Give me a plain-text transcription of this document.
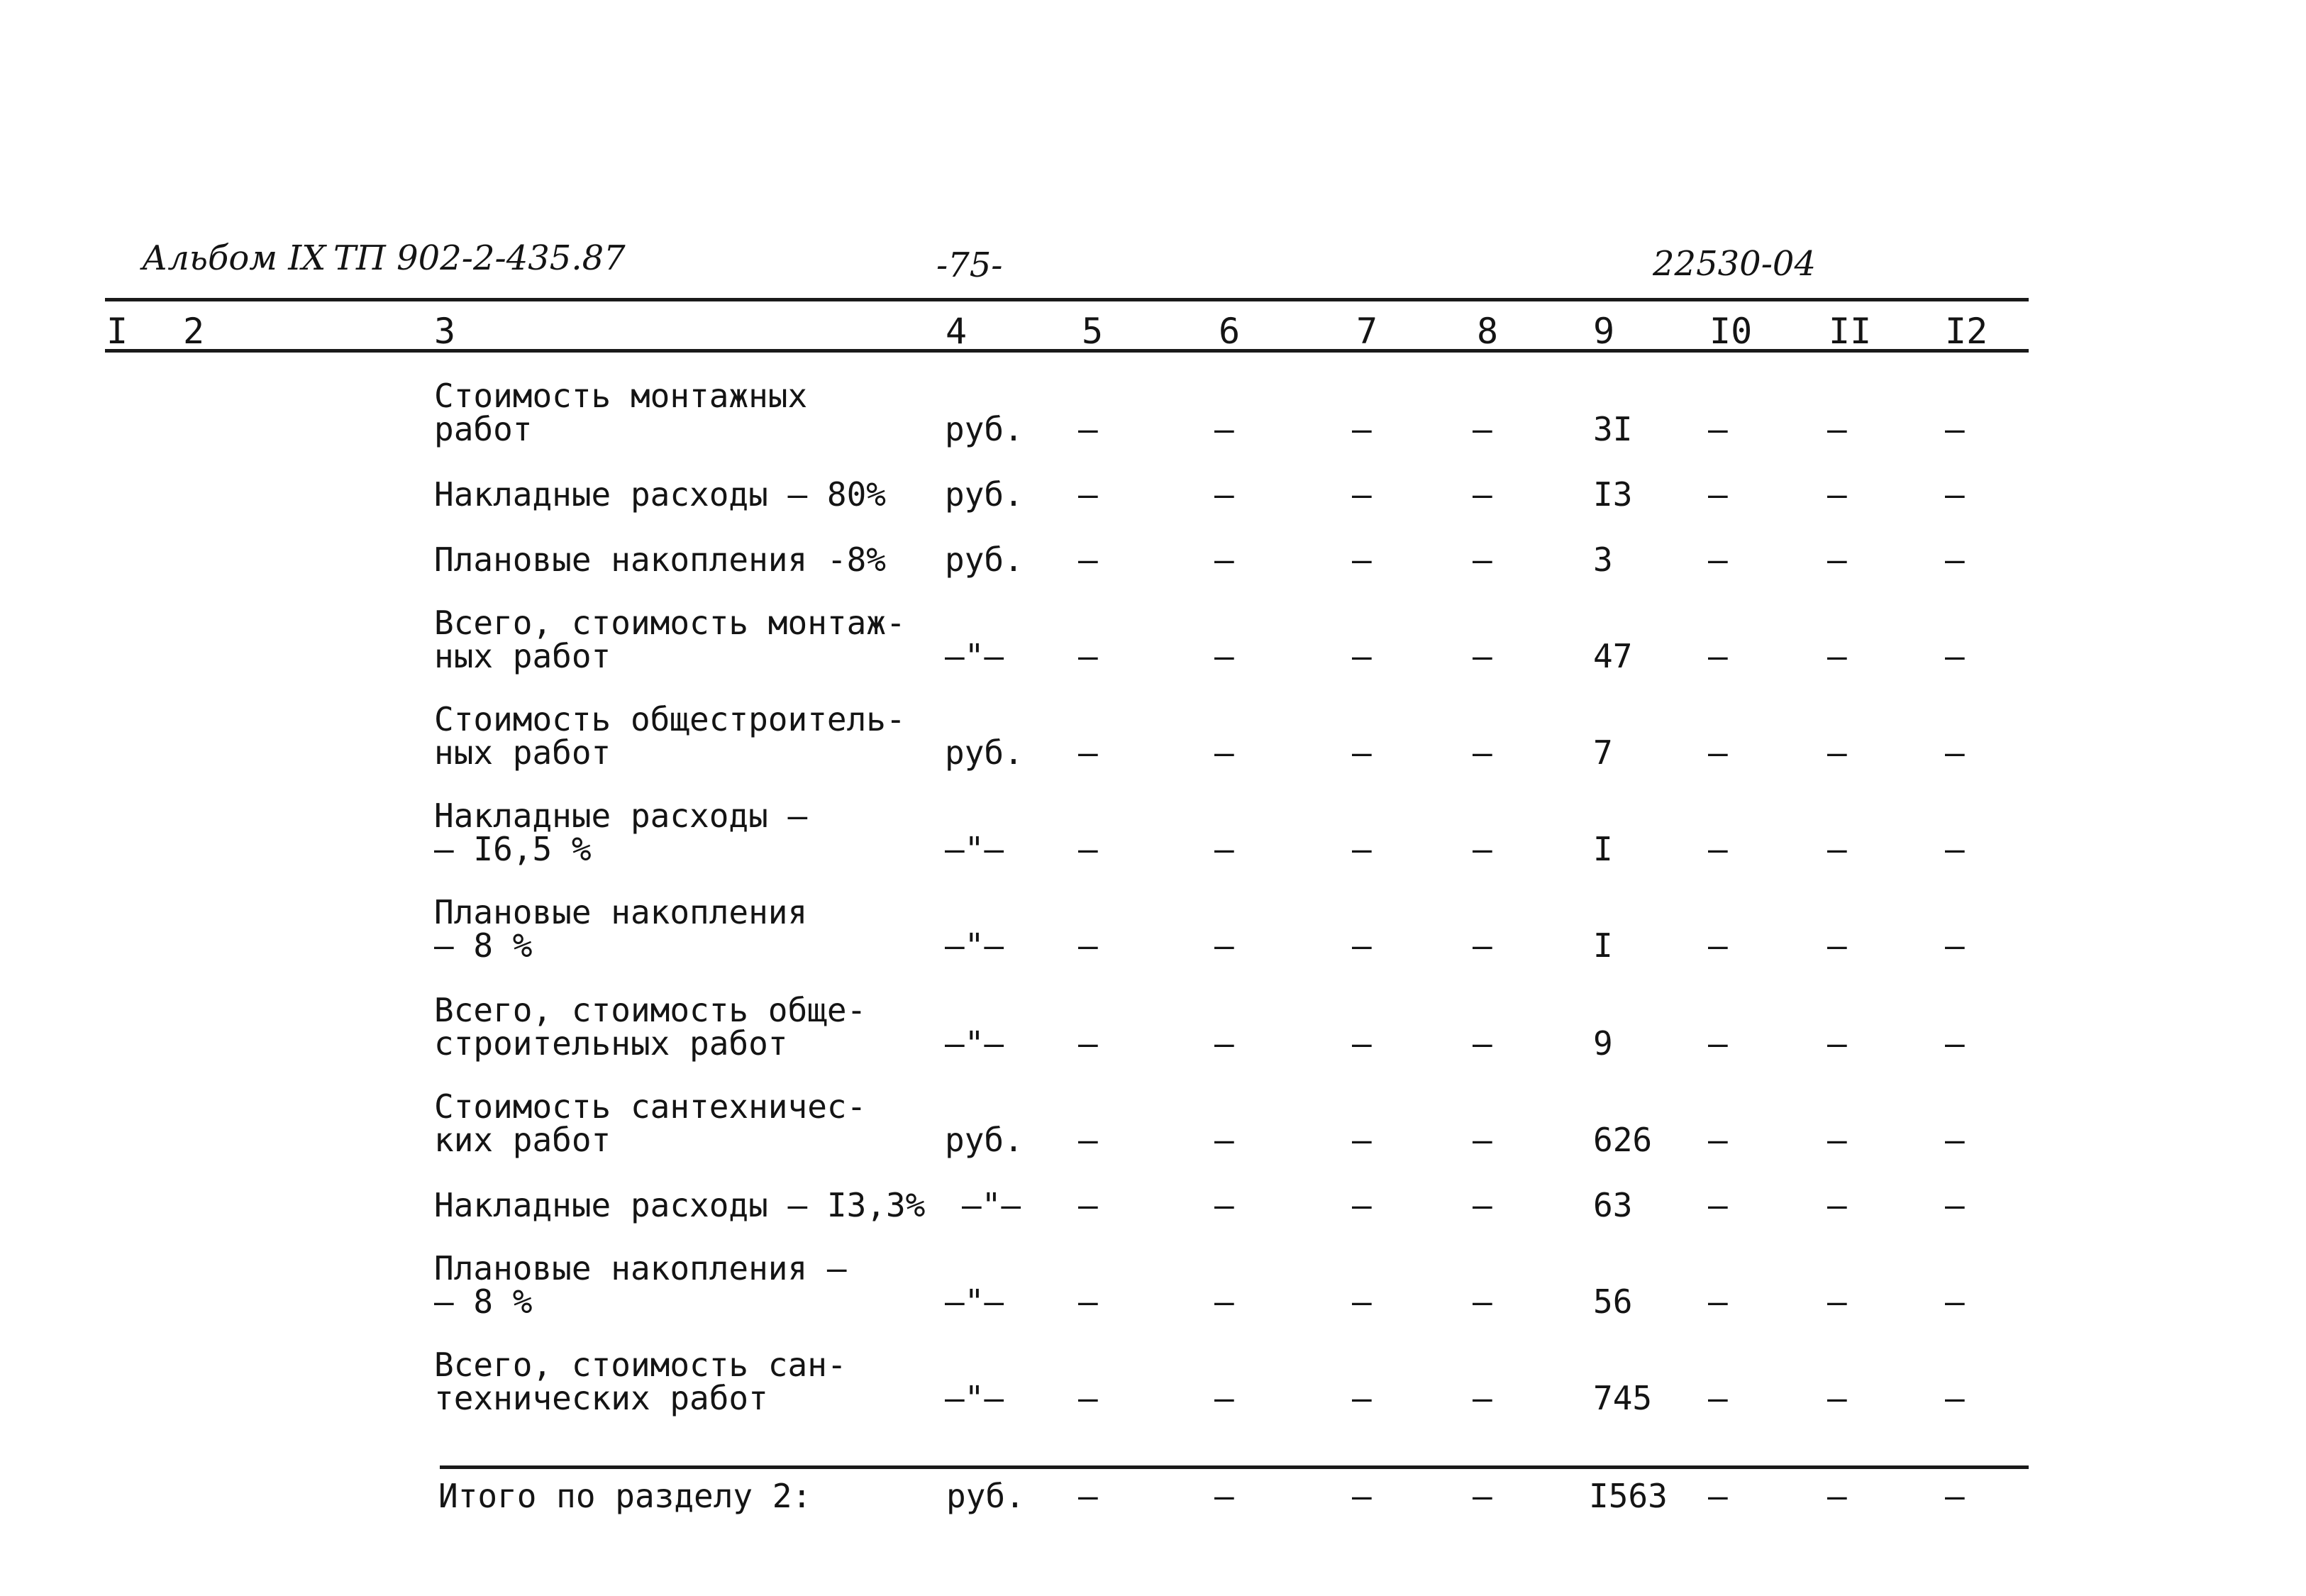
Альбом IX ТП 902-2-435.87	-75-	22530-04
I 2	3	4	5	6	7	8	9	I0 II I2
Стоимость монтажных
работ	руб. –	–	–	–	3I –	–	–
Накладные расходы – 80% руб. –	–	–	–	I3 –	–	–
Плановые накопления -8% руб. –	–	–	–	3	–	–	–
Всего, стоимость монтаж-
ных работ	–"– –	–	–	–	47 –	–	–
Стоимость общестроитель-
ных работ	руб. –	–	–	–	7	–	–	–
Накладные расходы –
– I6,5 %	–"– –	–	–	–	I	–	–	–
Плановые накопления
– 8 %	–"– –	–	–	–	I	–	–	–
Всего, стоимость обще-
строительных работ	–"– –	–	–	–	9	–	–	–
Стоимость сантехничес-
ких работ	руб. –	–	–	–	626 –	–	–
Накладные расходы – I3,3% –"– –	–	–	–	63 –	–	–
Плановые накопления –
– 8 %	–"– –	–	–	–	56 –	–	–
Всего, стоимость сан-
технических работ	–"– –	–	–	–	745 –	–	–
Итого по разделу 2:	руб. –	–	–	–	I563 –	–	–
